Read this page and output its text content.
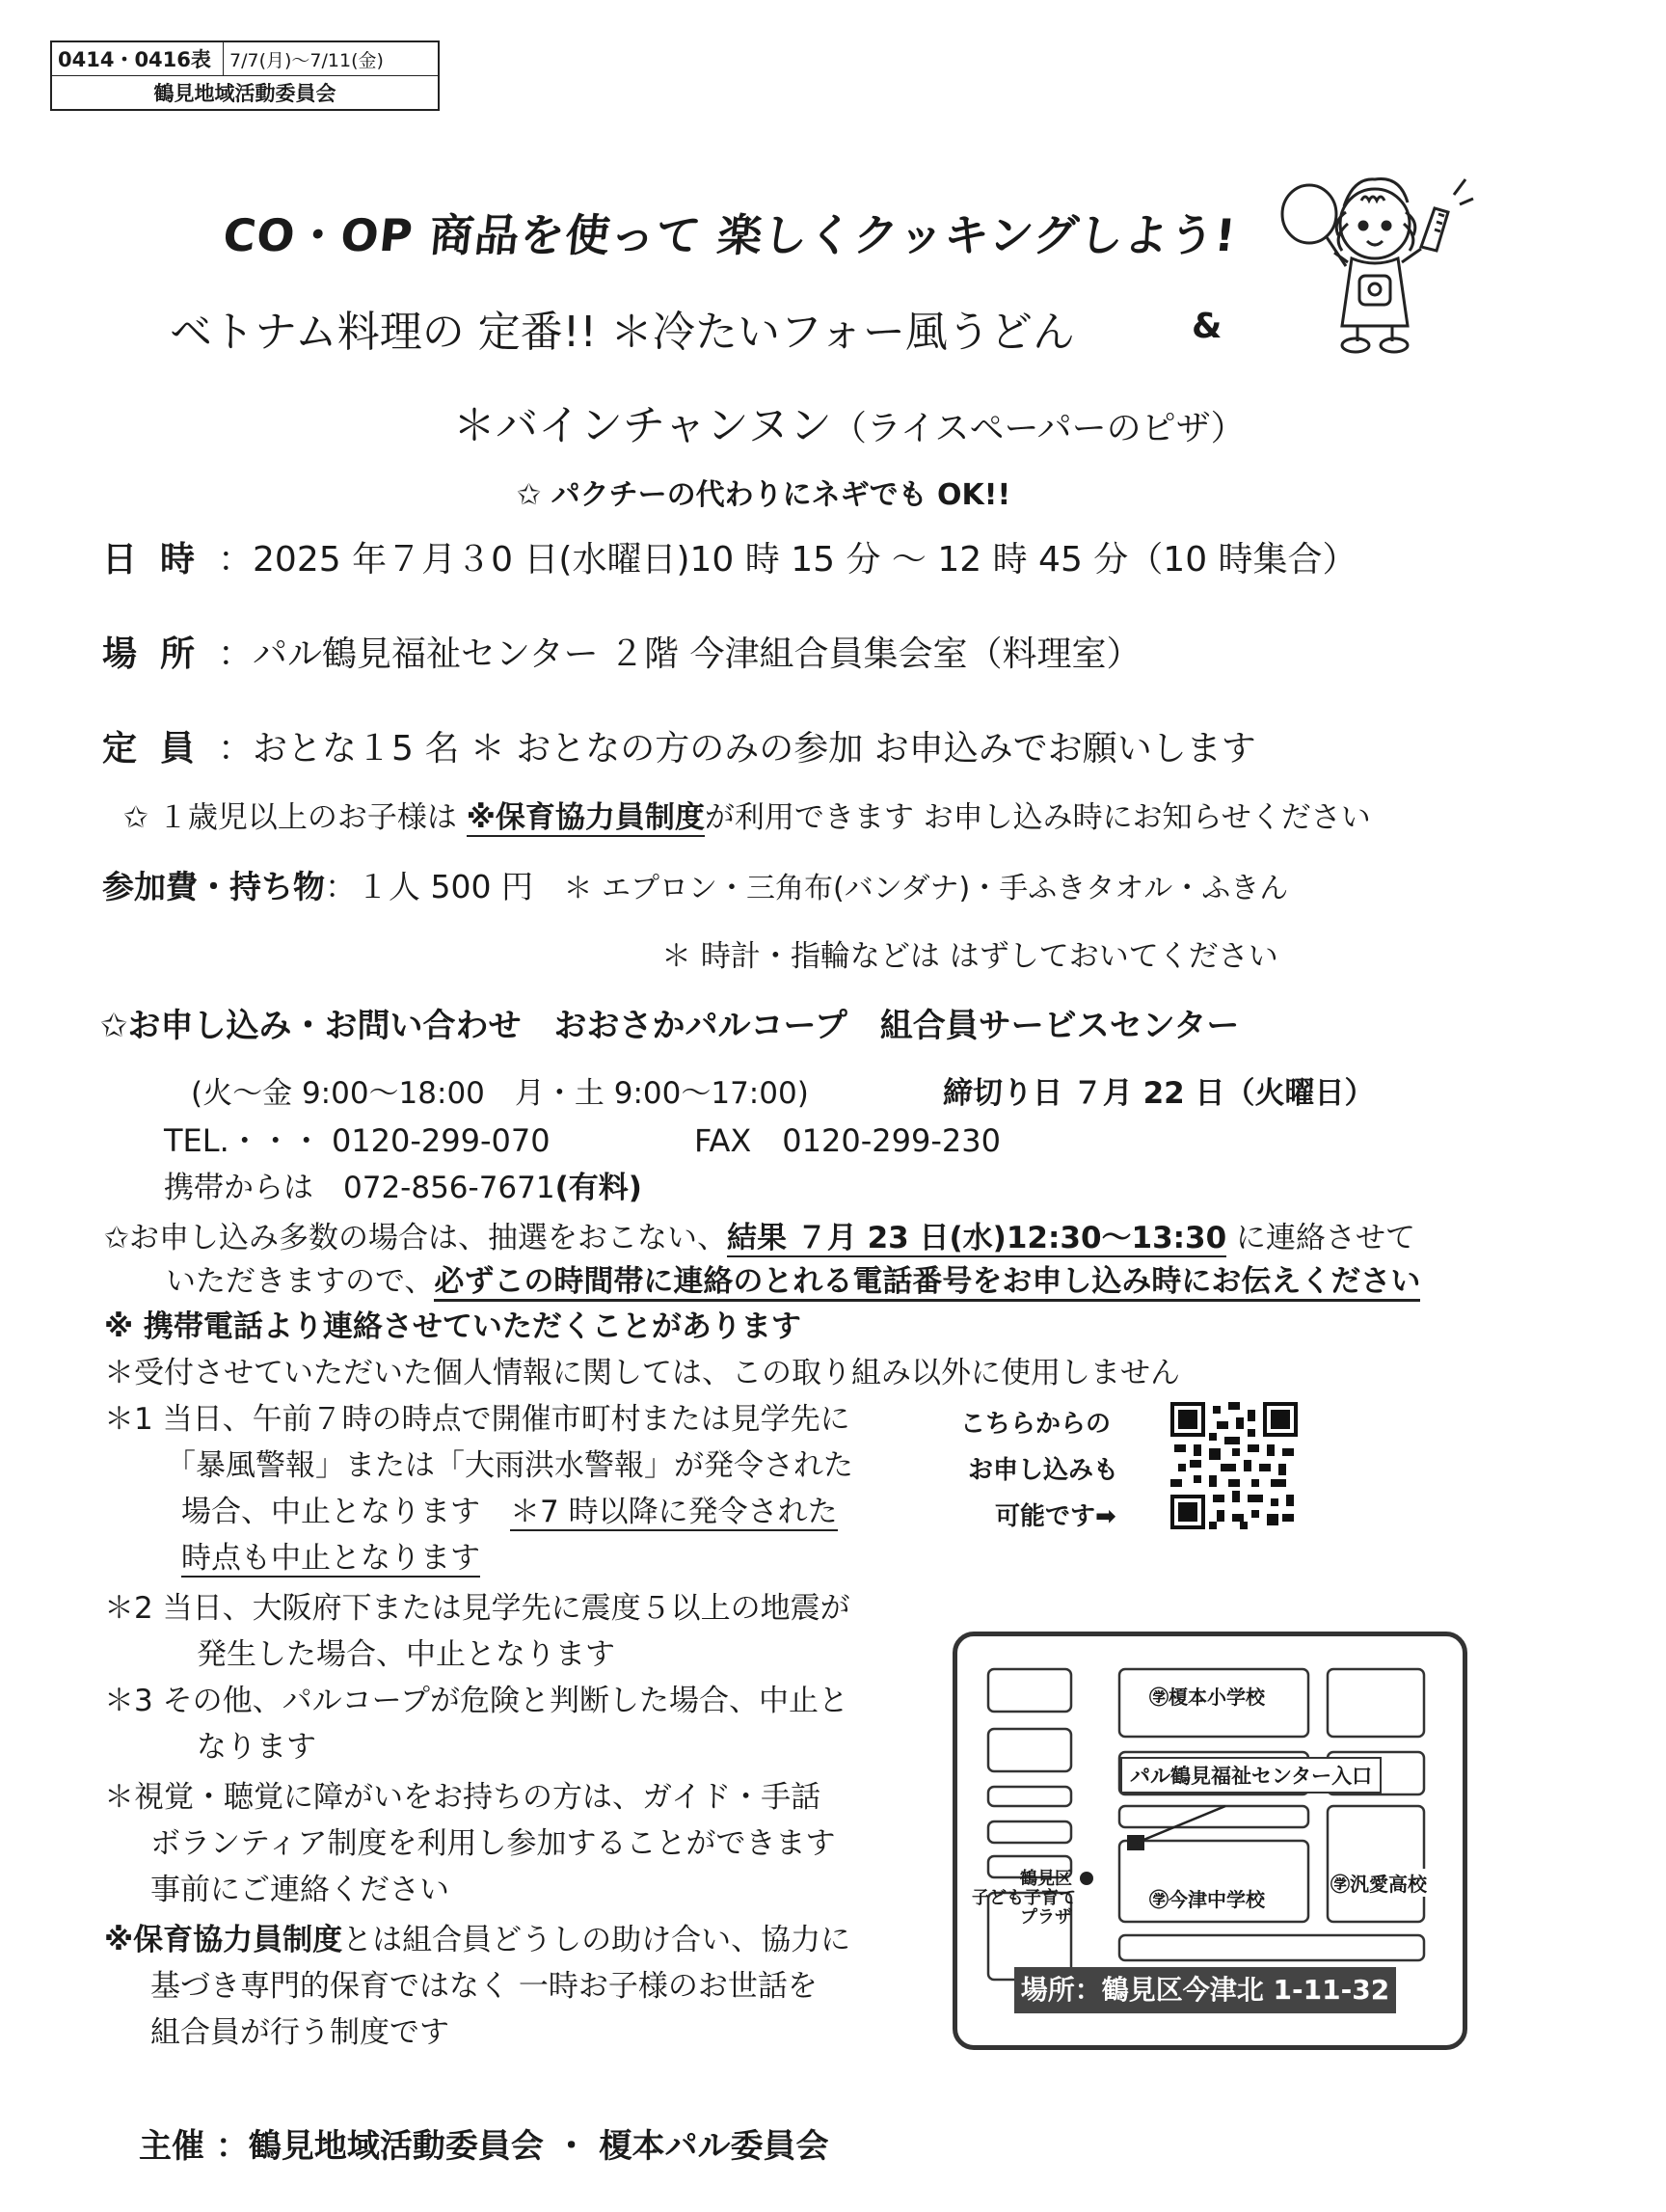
0414・0416表	7/7(月)～7/11(金)
鶴見地域活動委員会
CO・OP 商品を使って 楽しくクッキングしよう!
ベトナム料理の 定番!! ＊冷たいフォー風うどん	&
＊バインチャンヌン（ライスペーパーのピザ）
✩ パクチーの代わりにネギでも OK!!
日時：2025 年７月３0 日(水曜日)10 時 15 分 ～ 12 時 45 分（10 時集合）
場所：パル鶴見福祉センター ２階 今津組合員集会室（料理室）
定員：おとな１5 名 ＊ おとなの方のみの参加 お申込みでお願いします
✩ １歳児以上のお子様は ※保育協力員制度が利用できます お申し込み時にお知らせください
参加費・持ち物：１人 500 円 ＊ エプロン・三角布(バンダナ)・手ふきタオル・ふきん
＊ 時計・指輪などは はずしておいてください
✩お申し込み・お問い合わせ　おおさかパルコープ　組合員サービスセンター
(火～金 9:00～18:00　月・土 9:00～17:00)	締切り日 ７月 22 日（火曜日）
TEL.・・・ 0120-299-070	FAX　0120-299-230
携帯からは　072-856-7671(有料)
✩お申し込み多数の場合は、抽選をおこない、結果 ７月 23 日(水)12:30～13:30 に連絡させて
いただきますので、必ずこの時間帯に連絡のとれる電話番号をお申し込み時にお伝えください
※ 携帯電話より連絡させていただくことがあります
＊受付させていただいた個人情報に関しては、この取り組み以外に使用しません
＊1 当日、午前７時の時点で開催市町村または見学先に
「暴風警報」または「大雨洪水警報」が発令された
場合、中止となります　＊7 時以降に発令された
時点も中止となります
＊2 当日、大阪府下または見学先に震度５以上の地震が
発生した場合、中止となります
＊3 その他、パルコープが危険と判断した場合、中止と
なります
＊視覚・聴覚に障がいをお持ちの方は、ガイド・手話
ボランティア制度を利用し参加することができます
事前にご連絡ください
※保育協力員制度とは組合員どうしの助け合い、協力に
基づき専門的保育ではなく 一時お子様のお世話を
組合員が行う制度です
こちらからの
お申し込みも
可能です➡
㊫榎本小学校
パル鶴見福祉センター入口
鶴見区
子ども子育て
プラザ
㊫今津中学校
㊫汎愛高校
場所：鶴見区今津北 1-11-32
主催 ：鶴見地域活動委員会 ・ 榎本パル委員会
